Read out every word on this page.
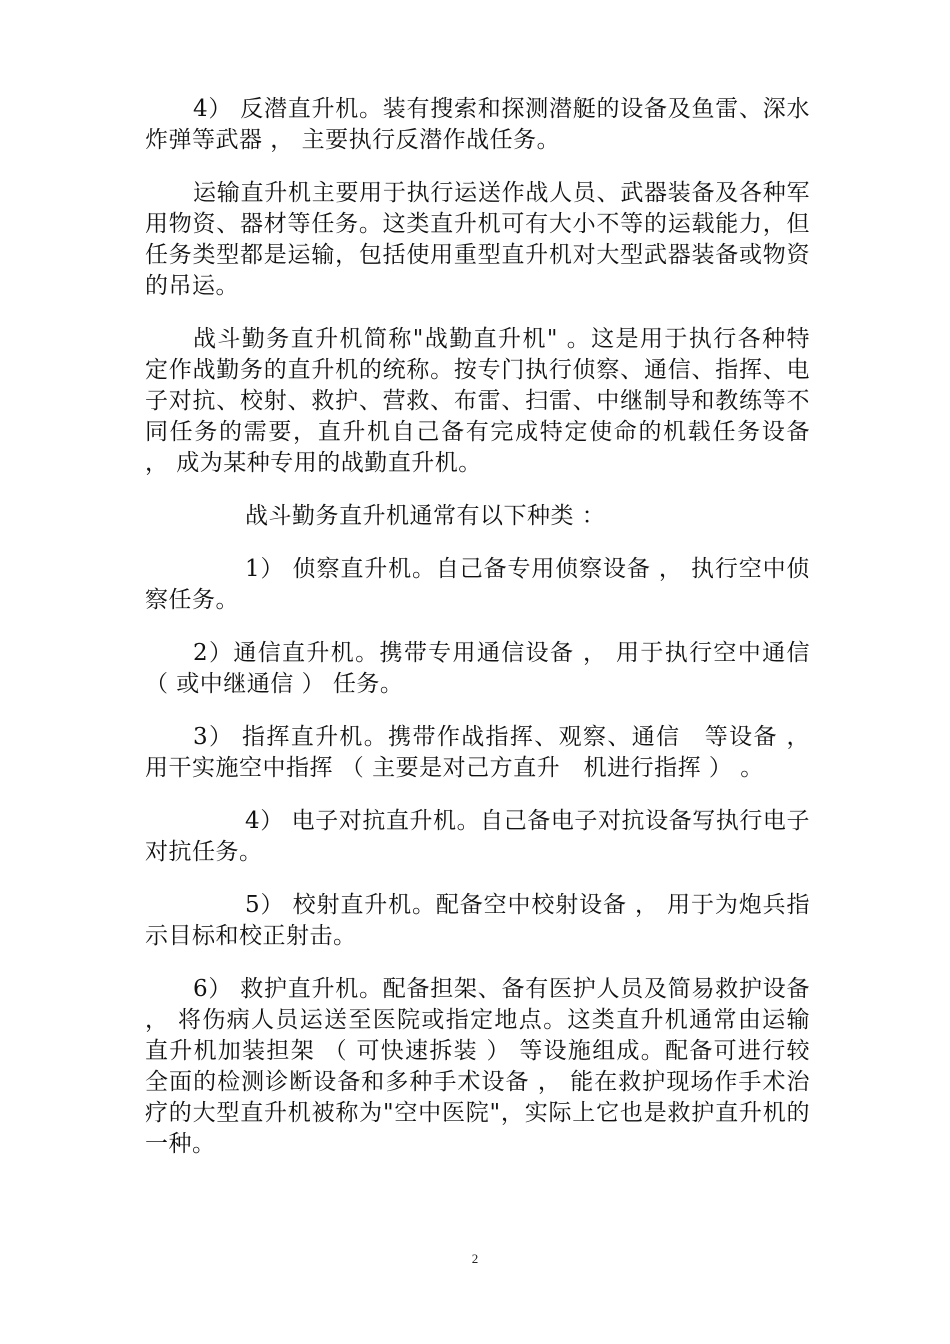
4） 反潜直升机。装有搜索和探测潜艇的设备及鱼雷、深水炸弹等武器 ， 主要执行反潜作战任务。

运输直升机主要用于执行运送作战人员、武器装备及各种军用物资、器材等任务。这类直升机可有大小不等的运载能力，但任务类型都是运输，包括使用重型直升机对大型武器装备或物资的吊运。

战斗勤务直升机简称"战勤直升机" 。这是用于执行各种特定作战勤务的直升机的统称。按专门执行侦察、通信、指挥、电子对抗、校射、救护、营救、布雷、扫雷、中继制导和教练等不同任务的需要，直升机自己备有完成特定使命的机载任务设备 ， 成为某种专用的战勤直升机。

战斗勤务直升机通常有以下种类 ：

1） 侦察直升机。自己备专用侦察设备 ， 执行空中侦察任务。

2）通信直升机。携带专用通信设备 ， 用于执行空中通信 （ 或中继通信 ） 任务。

3） 指挥直升机。携带作战指挥、观察、通信　等设备 ，用干实施空中指挥 （ 主要是对己方直升　机进行指挥 ） 。

4） 电子对抗直升机。自己备电子对抗设备写执行电子对抗任务。

5） 校射直升机。配备空中校射设备 ， 用于为炮兵指示目标和校正射击。

6） 救护直升机。配备担架、备有医护人员及简易救护设备 ， 将伤病人员运送至医院或指定地点。这类直升机通常由运输直升机加装担架 （ 可快速拆装 ） 等设施组成。配备可进行较全面的检测诊断设备和多种手术设备 ， 能在救护现场作手术治疗的大型直升机被称为"空中医院"，实际上它也是救护直升机的一种。

2
